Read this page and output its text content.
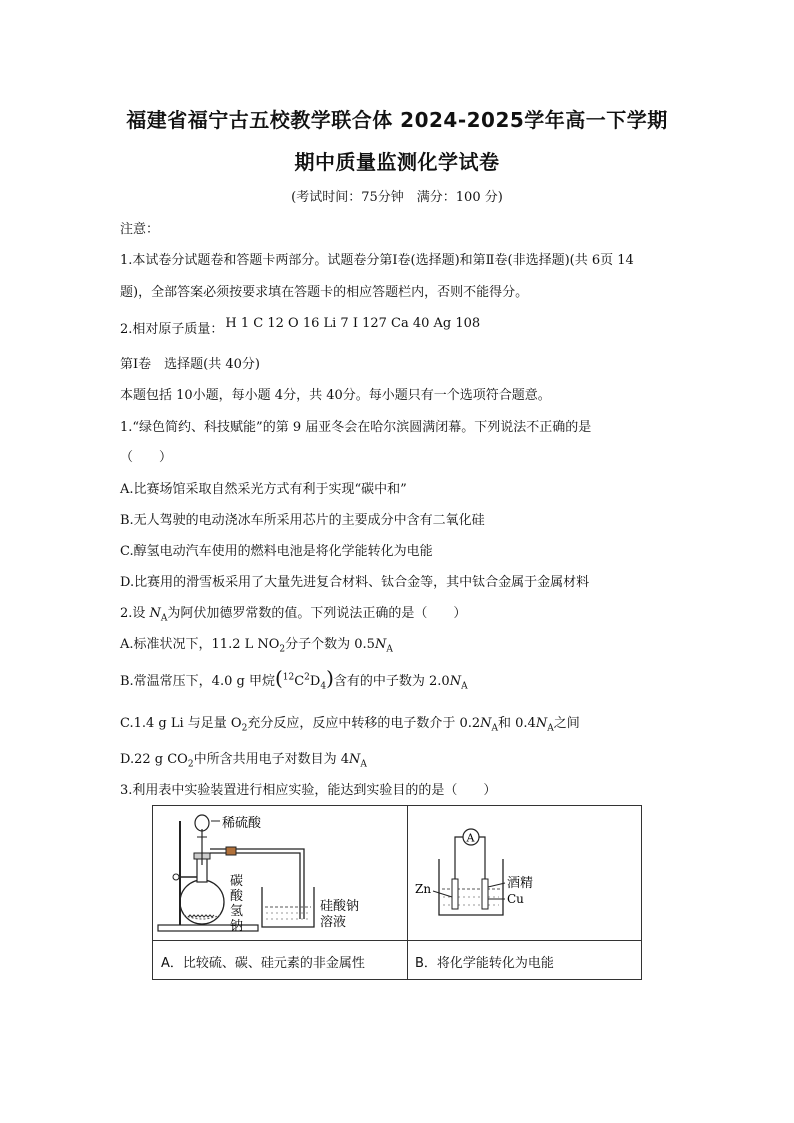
福建省福宁古五校教学联合体 2024-2025学年高一下学期
期中质量监测化学试卷
(考试时间：75分钟　满分：100 分)
注意：
1.本试卷分试题卷和答题卡两部分。试题卷分第Ⅰ卷(选择题)和第Ⅱ卷(非选择题)(共 6页 14
题)，全部答案必须按要求填在答题卡的相应答题栏内，否则不能得分。
2.相对原子质量： H 1 C 12 O 16 Li 7 I 127 Ca 40 Ag 108
第Ⅰ卷　选择题(共 40分)
本题包括 10小题，每小题 4分，共 40分。每小题只有一个选项符合题意。
1.“绿色简约、科技赋能”的第 9 届亚冬会在哈尔滨圆满闭幕。下列说法不正确的是
（　　）
A.比赛场馆采取自然采光方式有利于实现“碳中和”
B.无人驾驶的电动浇冰车所采用芯片的主要成分中含有二氧化硅
C.醇氢电动汽车使用的燃料电池是将化学能转化为电能
D.比赛用的滑雪板采用了大量先进复合材料、钛合金等，其中钛合金属于金属材料
2.设 $N_A$为阿伏加德罗常数的值。下列说法正确的是（　　）
A.标准状况下，11.2 L $NO_2$分子个数为 $0.5N_A$
B.常温常压下，4.0 g 甲烷$(^{12}C^2D_4)$含有的中子数为 $2.0N_A$
C.1.4 g Li 与足量 $O_2$充分反应，反应中转移的电子数介于 $0.2N_A$和 $0.4N_A$之间
D.22 g $CO_2$中所含共用电子对数目为 $4N_A$
3.利用表中实验装置进行相应实验，能达到实验目的的是（　　）
稀硫酸
碳
酸
氢
钠
硅酸钠
溶液
A
Zn	酒精
Cu
A．比较硫、碳、硅元素的非金属性	B．将化学能转化为电能
